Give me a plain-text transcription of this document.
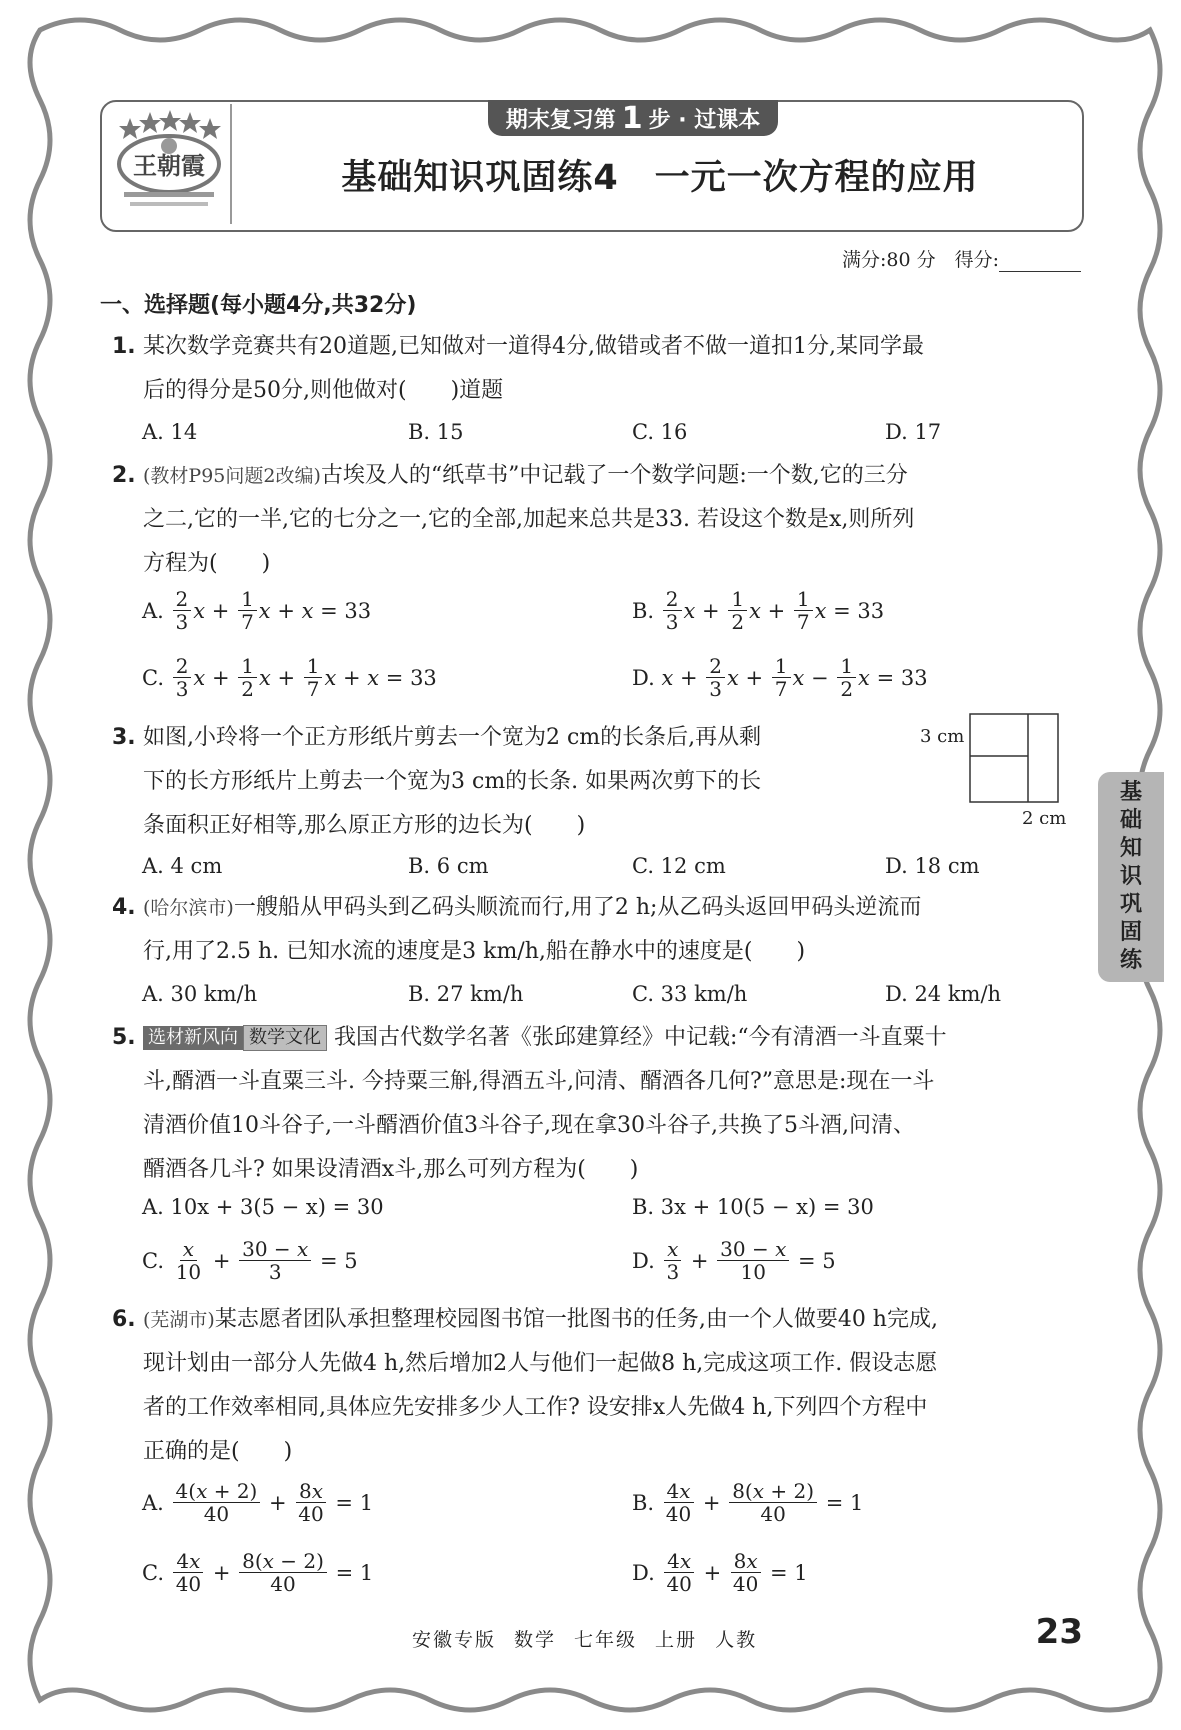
王朝霞
期末复习第 1 步 · 过课本
基础知识巩固练4　一元一次方程的应用
满分:80 分　得分:
一、选择题(每小题4分,共32分)
1. 某次数学竞赛共有20道题,已知做对一道得4分,做错或者不做一道扣1分,某同学最
后的得分是50分,则他做对(　　)道题
A. 14	B. 15	C. 16	D. 17
2. (教材P95问题2改编)古埃及人的“纸草书”中记载了一个数学问题:一个数,它的三分
之二,它的一半,它的七分之一,它的全部,加起来总共是33. 若设这个数是x,则所列
方程为(　　)
A.
$\frac{2}{3}$ $x + \frac{1}{7}$ x + x = 33	B.
$\frac{2}{3}$ $x + \frac{1}{2}$ $x + \frac{1}{7}$ x = 33
C.
$\frac{2}{3}$ $x + \frac{1}{2}$ $x + \frac{1}{7}$ x + x = 33	D.
$x + \frac{2}{3}$ $x + \frac{1}{7}$ $x - \frac{1}{2}$ x = 33
3. 如图,小玲将一个正方形纸片剪去一个宽为2 cm的长条后,再从剩
下的长方形纸片上剪去一个宽为3 cm的长条. 如果两次剪下的长
条面积正好相等,那么原正方形的边长为(　　)
3 cm
2 cm
A. 4 cm	B. 6 cm	C. 12 cm	D. 18 cm
4. (哈尔滨市)一艘船从甲码头到乙码头顺流而行,用了2 h;从乙码头返回甲码头逆流而
行,用了2.5 h. 已知水流的速度是3 km/h,船在静水中的速度是(　　)
A. 30 km/h	B. 27 km/h	C. 33 km/h	D. 24 km/h
基
础
知
识
巩
固
练
5. 选材新风向 数学文化 我国古代数学名著《张邱建算经》中记载:“今有清酒一斗直粟十
斗,醑酒一斗直粟三斗. 今持粟三斛,得酒五斗,问清、醑酒各几何?”意思是:现在一斗
清酒价值10斗谷子,一斗醑酒价值3斗谷子,现在拿30斗谷子,共换了5斗酒,问清、
醑酒各几斗? 如果设清酒x斗,那么可列方程为(　　)
A. 10x + 3(5 − x) = 30	B. 3x + 10(5 − x) = 30
C.
$\frac{x}{10} + \frac{30 - x}{3} = 5$	D.
$\frac{x}{3} + \frac{30 - x}{10} = 5$
6. (芜湖市)某志愿者团队承担整理校园图书馆一批图书的任务,由一个人做要40 h完成,
现计划由一部分人先做4 h,然后增加2人与他们一起做8 h,完成这项工作. 假设志愿
者的工作效率相同,具体应先安排多少人工作? 设安排x人先做4 h,下列四个方程中
正确的是(　　)
A.
$\frac{4(x + 2)}{40} + \frac{8x}{40} = 1$	B.
$\frac{4x}{40} + \frac{8(x + 2)}{40} = 1$
C.
$\frac{4x}{40} + \frac{8(x - 2)}{40} = 1$	D.
$\frac{4x}{40} + \frac{8x}{40} = 1$
安徽专版 数学 七年级 上册 人教	23
